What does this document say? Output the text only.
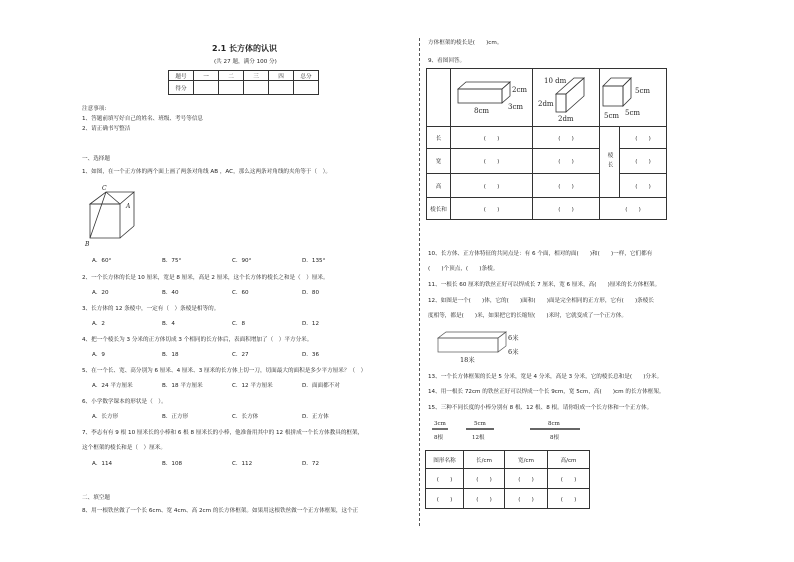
2.1 长方体的认识
(共 27 题，满分 100 分)
题号	一	二	三	四	总分
得分					
注意事项:
1、答题前填写好自己的姓名、班级、考号等信息
2、请正确书写整洁
一、选择题
1、如图，在一个正方体的两个面上画了两条对角线 AB ，AC，那么这两条对角线的夹角等于（　）。
C
A
B
A．60°	B．75°	C．90°	D．135°
2、一个长方体的长是 10 厘米，宽是 8 厘米，高是 2 厘米，这个长方体的棱长之和是（　）厘米。
A．20	B．40	C．60	D．80
3、长方体的 12 条棱中，一定有（　）条棱是相等的。
A．2	B．4	C．8	D．12
4、把一个棱长为 3 分米的正方体切成 3 个相同的长方体后，表面积增加了（　）平方分米。
A．9	B．18	C．27	D．36
5、在一个长、宽、高分别为 6 厘米、4 厘米、3 厘米的长方体上切一刀，切面最大的面积是多少平方厘米？（　）
A．24 平方厘米	B．18 平方厘米	C．12 平方厘米	D．面面都不对
6、小学数学课本的形状是（　）。
A．长方形	B．正方形	C．长方体	D．正方体
7、李志有有 9 根 10 厘米长的小棒和 6 根 8 厘米长的小棒，他准备用其中的 12 根拼成一个长方体教具的框架，
这个框架的棱长和是（　）厘米。
A．114	B．108	C．112	D．72
二、填空题
8、用一根铁丝做了一个长 6cm、宽 4cm、高 2cm 的长方体框架。如果用这根铁丝做一个正方体框架，这个正
方体框架的棱长是(　　)cm。
9、看图回答。
2cm
3cm
8cm
10 dm
2dm
2dm
5cm
5cm
5cm

长	(　　)	(　　)	棱长	(　　)
宽	(　　)	(　　)		(　　)
高	(　　)	(　　)		(　　)
棱长和	(　　)	(　　)	(　　)	
10、长方体、正方体特征的共同点是：有 6 个面，相对的面(　　)和(　　)一样，它们都有
(　　)个顶点，(　　)条棱。
11、一根长 60 厘米的铁丝正好可以焊成长 7 厘米，宽 6 厘米，高(　　)厘米的长方体框架。
12、如图是一个(　　)体，它的(　　)面和(　　)面是完全相同的正方形，它有(　　)条棱长
度相等，都是(　　)米，如果把它的长缩短(　　)米时，它就变成了一个正方体。
6米
6米
18米
13、一个长方体框架的长是 5 分米，宽是 4 分米，高是 3 分米，它的棱长总和是(　　)分米。
14、用一根长 72cm 的铁丝正好可以焊成一个长 9cm，宽 5cm，高(　　)cm 的长方体框架。
15、三种不同长度的小棒分别有 8 根、12 根、8 根。请你组成一个长方体和一个正方体。
3cm
8根
5cm
12根
8cm
8根
图形名称	长/cm	宽/cm	高/cm
(　　)	(　　)	(　　)	(　　)
(　　)	(　　)	(　　)	(　　)
